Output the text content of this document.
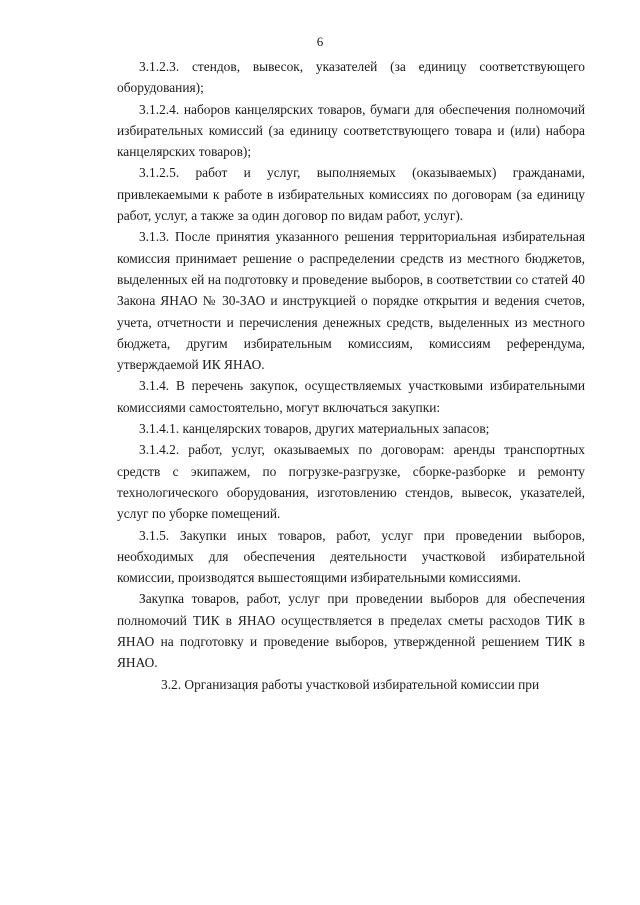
6

3.1.2.3. стендов, вывесок, указателей (за единицу соответствующего оборудования);

3.1.2.4. наборов канцелярских товаров, бумаги для обеспечения полномочий избирательных комиссий (за единицу соответствующего товара и (или) набора канцелярских товаров);

3.1.2.5. работ и услуг, выполняемых (оказываемых) гражданами, привлекаемыми к работе в избирательных комиссиях по договорам (за единицу работ, услуг, а также за один договор по видам работ, услуг).

3.1.3. После принятия указанного решения территориальная избирательная комиссия принимает решение о распределении средств из местного бюджетов, выделенных ей на подготовку и проведение выборов, в соответствии со статей 40 Закона ЯНАО № 30-ЗАО и инструкцией о порядке открытия и ведения счетов, учета, отчетности и перечисления денежных средств, выделенных из местного бюджета, другим избирательным комиссиям, комиссиям референдума, утверждаемой ИК ЯНАО.

3.1.4. В перечень закупок, осуществляемых участковыми избирательными комиссиями самостоятельно, могут включаться закупки:

3.1.4.1. канцелярских товаров, других материальных запасов;

3.1.4.2. работ, услуг, оказываемых по договорам: аренды транспортных средств с экипажем, по погрузке-разгрузке, сборке-разборке и ремонту технологического оборудования, изготовлению стендов, вывесок, указателей, услуг по уборке помещений.

3.1.5. Закупки иных товаров, работ, услуг при проведении выборов, необходимых для обеспечения деятельности участковой избирательной комиссии, производятся вышестоящими избирательными комиссиями.

Закупка товаров, работ, услуг при проведении выборов для обеспечения полномочий ТИК в ЯНАО осуществляется в пределах сметы расходов ТИК в ЯНАО на подготовку и проведение выборов, утвержденной решением ТИК в ЯНАО.

3.2. Организация работы участковой избирательной комиссии при
